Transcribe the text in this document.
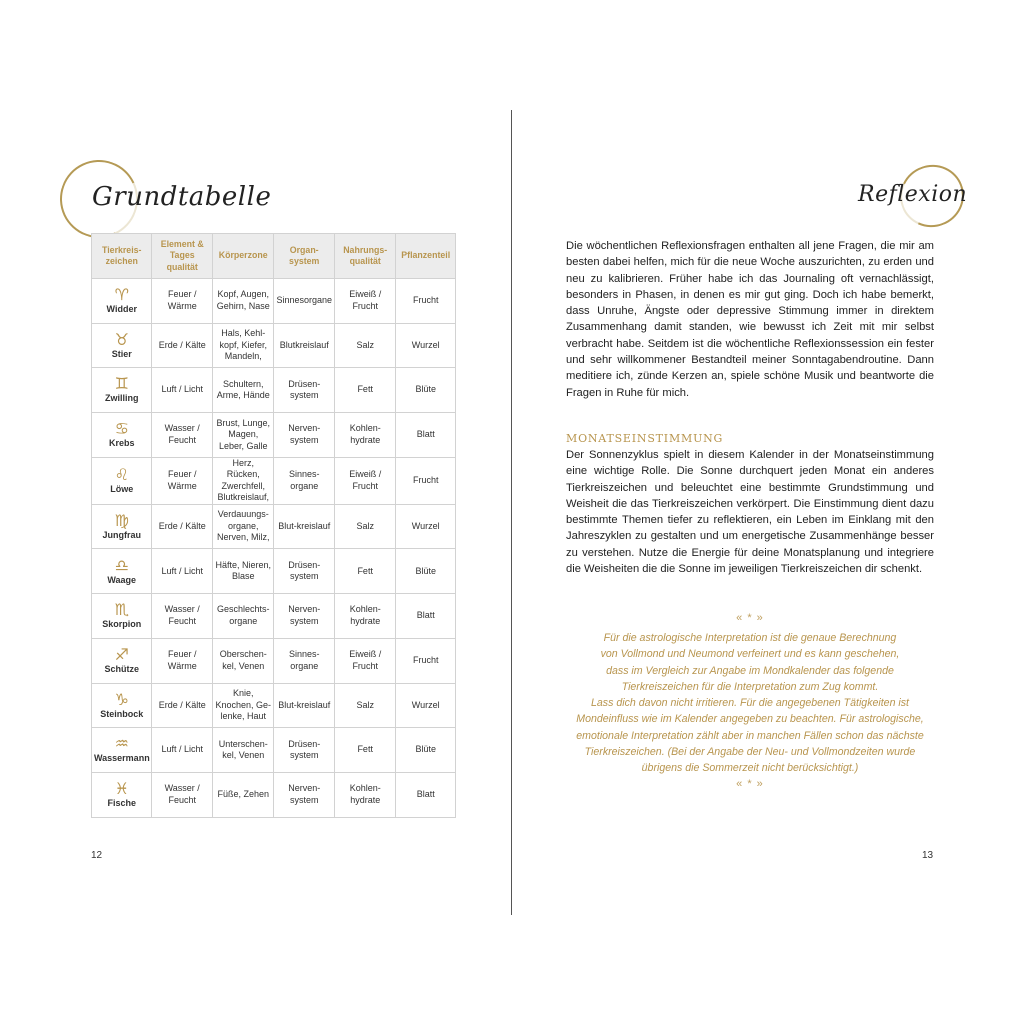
Grundtabelle
Tierkreis-zeichen	Element & Tages qualität	Körperzone	Organ-system	Nahrungs-qualität	Pflanzenteil

♈
Widder	Feuer / Wärme	Kopf, Augen, Gehirn, Nase	Sinnesorgane	Eiweiß / Frucht	Frucht

♉
Stier	Erde / Kälte	Hals, Kehl-kopf, Kiefer, Mandeln,	Blutkreislauf	Salz	Wurzel

♊
Zwilling	Luft / Licht	Schultern, Arme, Hände	Drüsen-system	Fett	Blüte

♋
Krebs	Wasser / Feucht	Brust, Lunge, Magen, Leber, Galle	Nerven-system	Kohlen-hydrate	Blatt

♌
Löwe	Feuer / Wärme	Herz, Rücken, Zwerchfell, Blutkreislauf,	Sinnes-organe	Eiweiß / Frucht	Frucht

♍
Jungfrau	Erde / Kälte	Verdauungs-organe, Nerven, Milz,	Blut-kreislauf	Salz	Wurzel

♎
Waage	Luft / Licht	Häfte, Nieren, Blase	Drüsen-system	Fett	Blüte

♏
Skorpion	Wasser / Feucht	Geschlechts-organe	Nerven-system	Kohlen-hydrate	Blatt

♐
Schütze	Feuer / Wärme	Oberschen-kel, Venen	Sinnes-organe	Eiweiß / Frucht	Frucht

♑
Steinbock	Erde / Kälte	Knie, Knochen, Ge-lenke, Haut	Blut-kreislauf	Salz	Wurzel

♒
Wassermann	Luft / Licht	Unterschen-kel, Venen	Drüsen-system	Fett	Blüte

♓
Fische	Wasser / Feucht	Füße, Zehen	Nerven-system	Kohlen-hydrate	Blatt
12
Reflexion

Die wöchentlichen Reflexionsfragen enthalten all jene Fragen, die mir am besten dabei helfen, mich für die neue Woche auszurichten, zu erden und neu zu kalibrieren. Früher habe ich das Journaling oft vernachlässigt, besonders in Phasen, in denen es mir gut ging. Doch ich habe bemerkt, dass Unruhe, Ängste oder depressive Stimmung immer in direktem Zusammenhang damit standen, wie bewusst ich Zeit mit mir selbst verbracht habe. Seitdem ist die wöchentliche Reflexionssession ein fester und sehr willkommener Bestandteil meiner Sonntagabendroutine. Dann meditiere ich, zünde Kerzen an, spiele schöne Musik und beantworte die Fragen in Ruhe für mich.

MONATSEINSTIMMUNG

Der Sonnenzyklus spielt in diesem Kalender in der Monatseinstimmung eine wichtige Rolle. Die Sonne durchquert jeden Monat ein anderes Tierkreiszeichen und beleuchtet eine bestimmte Grundstimmung und Weisheit die das Tierkreiszeichen verkörpert. Die Einstimmung dient dazu bestimmte Themen tiefer zu reflektieren, ein Leben im Einklang mit den Jahreszyklen zu gestalten und um energetische Zusammenhänge besser zu verstehen. Nutze die Energie für deine Monatsplanung und integriere die Weisheiten die die Sonne im jeweiligen Tierkreiszeichen dir schenkt.

« * »

Für die astrologische Interpretation ist die genaue Berechnung
von Vollmond und Neumond verfeinert und es kann geschehen,
dass im Vergleich zur Angabe im Mondkalender das folgende
Tierkreiszeichen für die Interpretation zum Zug kommt.
Lass dich davon nicht irritieren. Für die angegebenen Tätigkeiten ist
Mondeinfluss wie im Kalender angegeben zu beachten. Für astrologische,
emotionale Interpretation zählt aber in manchen Fällen schon das nächste
Tierkreiszeichen. (Bei der Angabe der Neu- und Vollmondzeiten wurde
übrigens die Sommerzeit nicht berücksichtigt.)

« * »
13
